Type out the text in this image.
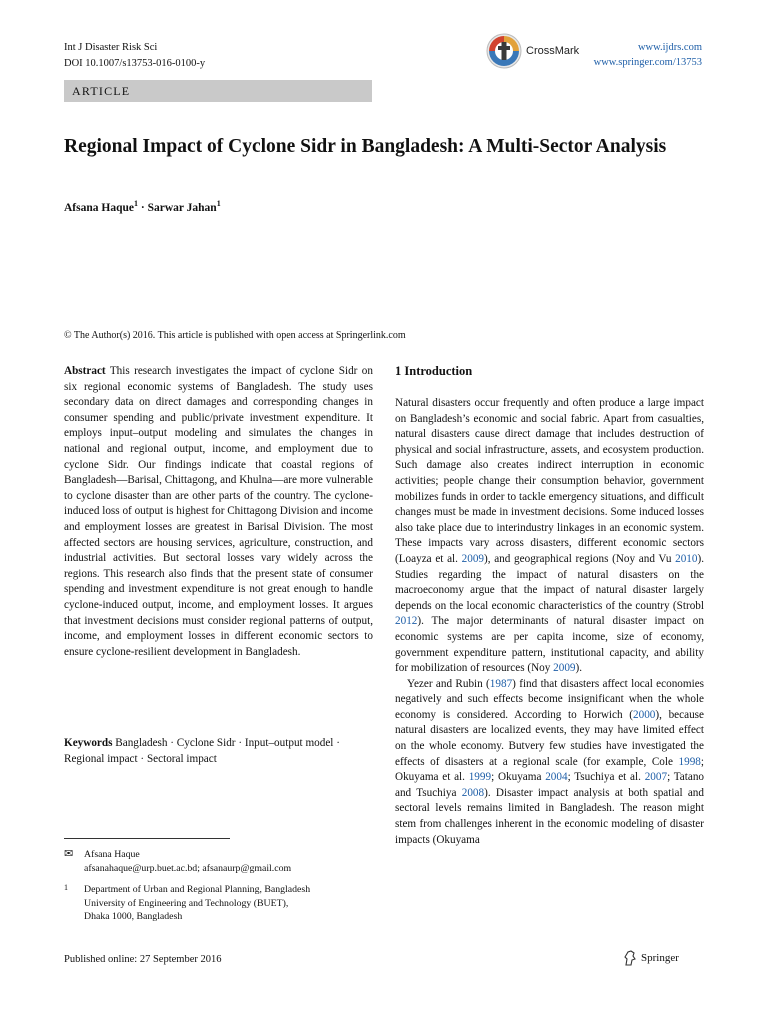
Int J Disaster Risk Sci
DOI 10.1007/s13753-016-0100-y
CrossMark	www.ijdrs.com
www.springer.com/13753
ARTICLE
Regional Impact of Cyclone Sidr in Bangladesh: A Multi-Sector Analysis
Afsana Haque$^1$ · Sarwar Jahan$^1$
© The Author(s) 2016. This article is published with open access at Springerlink.com
Abstract This research investigates the impact of cyclone Sidr on six regional economic systems of Bangladesh. The study uses secondary data on direct damages and corresponding changes in consumer spending and public/private investment expenditure. It employs input–output modeling and simulates the changes in national and regional output, income, and employment due to cyclone Sidr. Our findings indicate that coastal regions of Bangladesh—Barisal, Chittagong, and Khulna—are more vulnerable to cyclone disaster than are other parts of the country. The cyclone-induced loss of output is highest for Chittagong Division and income and employment losses are greatest in Barisal Division. The most affected sectors are housing services, agriculture, construction, and industrial activities. But sectoral losses vary widely across the regions. This research also finds that the present state of consumer spending and investment expenditure is not great enough to handle cyclone-induced output, income, and employment losses. It argues that investment decisions must consider regional patterns of output, income, and employment losses in different economic sectors to ensure cyclone-resilient development in Bangladesh.
Keywords Bangladesh · Cyclone Sidr · Input–output model · Regional impact · Sectoral impact
✉ Afsana Haque
afsanahaque@urp.buet.ac.bd; afsanaurp@gmail.com
1 Department of Urban and Regional Planning, Bangladesh
University of Engineering and Technology (BUET),
Dhaka 1000, Bangladesh
1 Introduction
Natural disasters occur frequently and often produce a large impact on Bangladesh’s economic and social fabric. Apart from casualties, natural disasters cause direct damage that includes destruction of physical and social infrastructure, assets, and ecosystem production. Such damage also creates indirect interruption in economic activities; people change their consumption behavior, government mobilizes funds in order to tackle emergency situations, and difficult changes must be made in investment decisions. Some induced losses also take place due to interindustry linkages in an economic system. These impacts vary across disasters, different economic sectors (Loayza et al. 2009), and geographical regions (Noy and Vu 2010). Studies regarding the impact of natural disasters on the macroeconomy argue that the impact of natural disaster largely depends on the local economic characteristics of the country (Strobl 2012). The major determinants of natural disaster impact on economic systems are per capita income, size of economy, government expenditure pattern, institutional capacity, and ability for mobilization of resources (Noy 2009).
Yezer and Rubin (1987) find that disasters affect local economies negatively and such effects become insignificant when the whole economy is considered. According to Horwich (2000), because natural disasters are localized events, they may have limited effect on the whole economy. Butvery few studies have investigated the effects of disasters at a regional scale (for example, Cole 1998; Okuyama et al. 1999; Okuyama 2004; Tsuchiya et al. 2007; Tatano and Tsuchiya 2008). Disaster impact analysis at both spatial and sectoral levels remains limited in Bangladesh. The reason might stem from challenges inherent in the economic modeling of disaster impacts (Okuyama
Published online: 27 September 2016	Springer
